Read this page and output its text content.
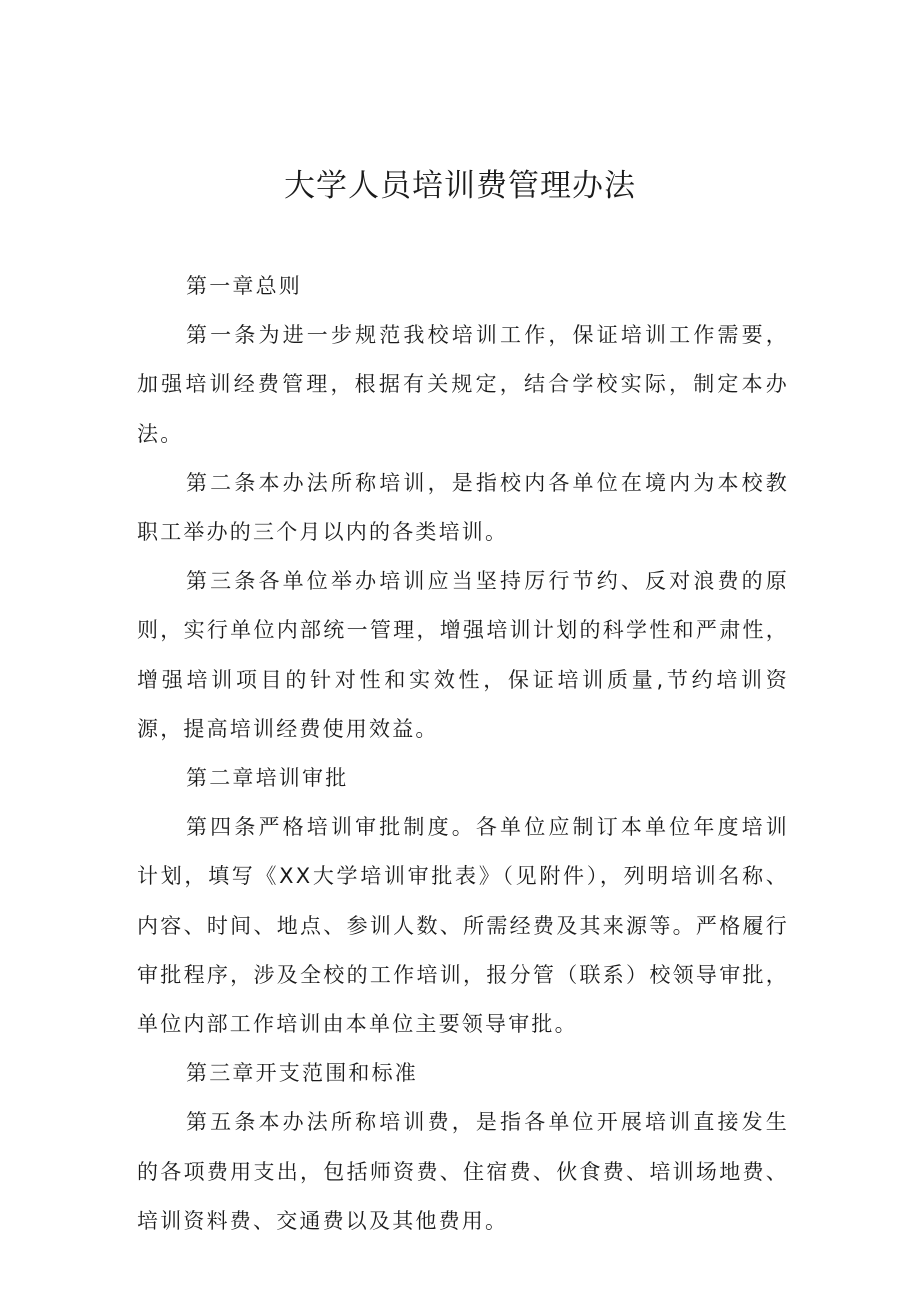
大学人员培训费管理办法

第一章总则

第一条为进一步规范我校培训工作，保证培训工作需要，加强培训经费管理，根据有关规定，结合学校实际，制定本办法。

第二条本办法所称培训，是指校内各单位在境内为本校教职工举办的三个月以内的各类培训。

第三条各单位举办培训应当坚持厉行节约、反对浪费的原则，实行单位内部统一管理，增强培训计划的科学性和严肃性，增强培训项目的针对性和实效性，保证培训质量,节约培训资源，提高培训经费使用效益。

第二章培训审批

第四条严格培训审批制度。各单位应制订本单位年度培训计划，填写《XX大学培训审批表》（见附件），列明培训名称、内容、时间、地点、参训人数、所需经费及其来源等。严格履行审批程序，涉及全校的工作培训，报分管（联系）校领导审批，单位内部工作培训由本单位主要领导审批。

第三章开支范围和标准

第五条本办法所称培训费，是指各单位开展培训直接发生的各项费用支出，包括师资费、住宿费、伙食费、培训场地费、培训资料费、交通费以及其他费用。
